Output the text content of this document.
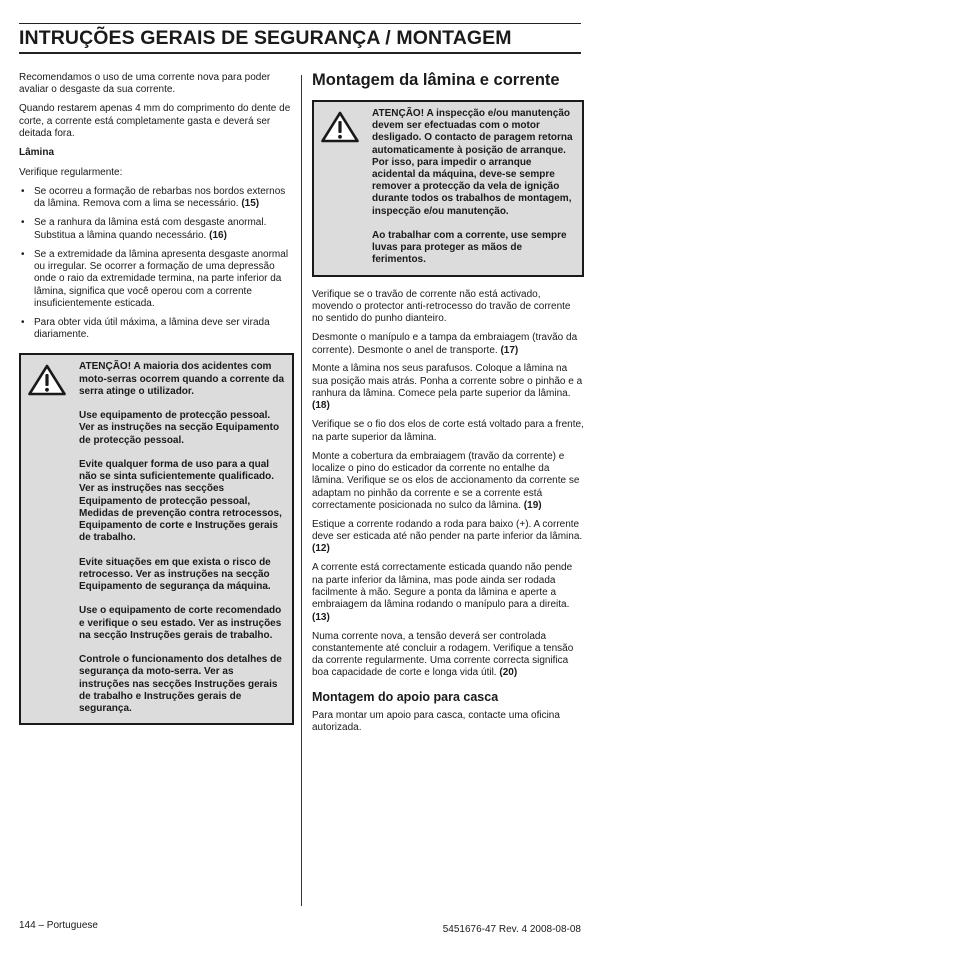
INTRUÇÕES GERAIS DE SEGURANÇA / MONTAGEM

Recomendamos o uso de uma corrente nova para poder avaliar o desgaste da sua corrente.

Quando restarem apenas 4 mm do comprimento do dente de corte, a corrente está completamente gasta e deverá ser deitada fora.

Lâmina

Verifique regularmente:

• Se ocorreu a formação de rebarbas nos bordos externos da lâmina. Remova com a lima se necessário. (15)
• Se a ranhura da lâmina está com desgaste anormal. Substitua a lâmina quando necessário. (16)
• Se a extremidade da lâmina apresenta desgaste anormal ou irregular. Se ocorrer a formação de uma depressão onde o raio da extremidade termina, na parte inferior da lâmina, significa que você operou com a corrente insuficientemente esticada.
• Para obter vida útil máxima, a lâmina deve ser virada diariamente.

ATENÇÃO! A maioria dos acidentes com moto-serras ocorrem quando a corrente da serra atinge o utilizador.

Use equipamento de protecção pessoal. Ver as instruções na secção Equipamento de protecção pessoal.

Evite qualquer forma de uso para a qual não se sinta suficientemente qualificado. Ver as instruções nas secções Equipamento de protecção pessoal, Medidas de prevenção contra retrocessos, Equipamento de corte e Instruções gerais de trabalho.

Evite situações em que exista o risco de retrocesso. Ver as instruções na secção Equipamento de segurança da máquina.

Use o equipamento de corte recomendado e verifique o seu estado. Ver as instruções na secção Instruções gerais de trabalho.

Controle o funcionamento dos detalhes de segurança da moto-serra. Ver as instruções nas secções Instruções gerais de trabalho e Instruções gerais de segurança.

Montagem da lâmina e corrente

ATENÇÃO! A inspecção e/ou manutenção devem ser efectuadas com o motor desligado. O contacto de paragem retorna automaticamente à posição de arranque. Por isso, para impedir o arranque acidental da máquina, deve-se sempre remover a protecção da vela de ignição durante todos os trabalhos de montagem, inspecção e/ou manutenção.

Ao trabalhar com a corrente, use sempre luvas para proteger as mãos de ferimentos.

Verifique se o travão de corrente não está activado, movendo o protector anti-retrocesso do travão de corrente no sentido do punho dianteiro.

Desmonte o manípulo e a tampa da embraiagem (travão da corrente). Desmonte o anel de transporte. (17)

Monte a lâmina nos seus parafusos. Coloque a lâmina na sua posição mais atrás. Ponha a corrente sobre o pinhão e a ranhura da lâmina. Comece pela parte superior da lâmina. (18)

Verifique se o fio dos elos de corte está voltado para a frente, na parte superior da lâmina.

Monte a cobertura da embraiagem (travão da corrente) e localize o pino do esticador da corrente no entalhe da lâmina. Verifique se os elos de accionamento da corrente se adaptam no pinhão da corrente e se a corrente está correctamente posicionada no sulco da lâmina. (19)

Estique a corrente rodando a roda para baixo (+). A corrente deve ser esticada até não pender na parte inferior da lâmina. (12)

A corrente está correctamente esticada quando não pende na parte inferior da lâmina, mas pode ainda ser rodada facilmente à mão. Segure a ponta da lâmina e aperte a embraiagem da lâmina rodando o manípulo para a direita. (13)

Numa corrente nova, a tensão deverá ser controlada constantemente até concluir a rodagem. Verifique a tensão da corrente regularmente. Uma corrente correcta significa boa capacidade de corte e longa vida útil. (20)

Montagem do apoio para casca

Para montar um apoio para casca, contacte uma oficina autorizada.

144 – Portuguese	5451676-47 Rev. 4 2008-08-08
